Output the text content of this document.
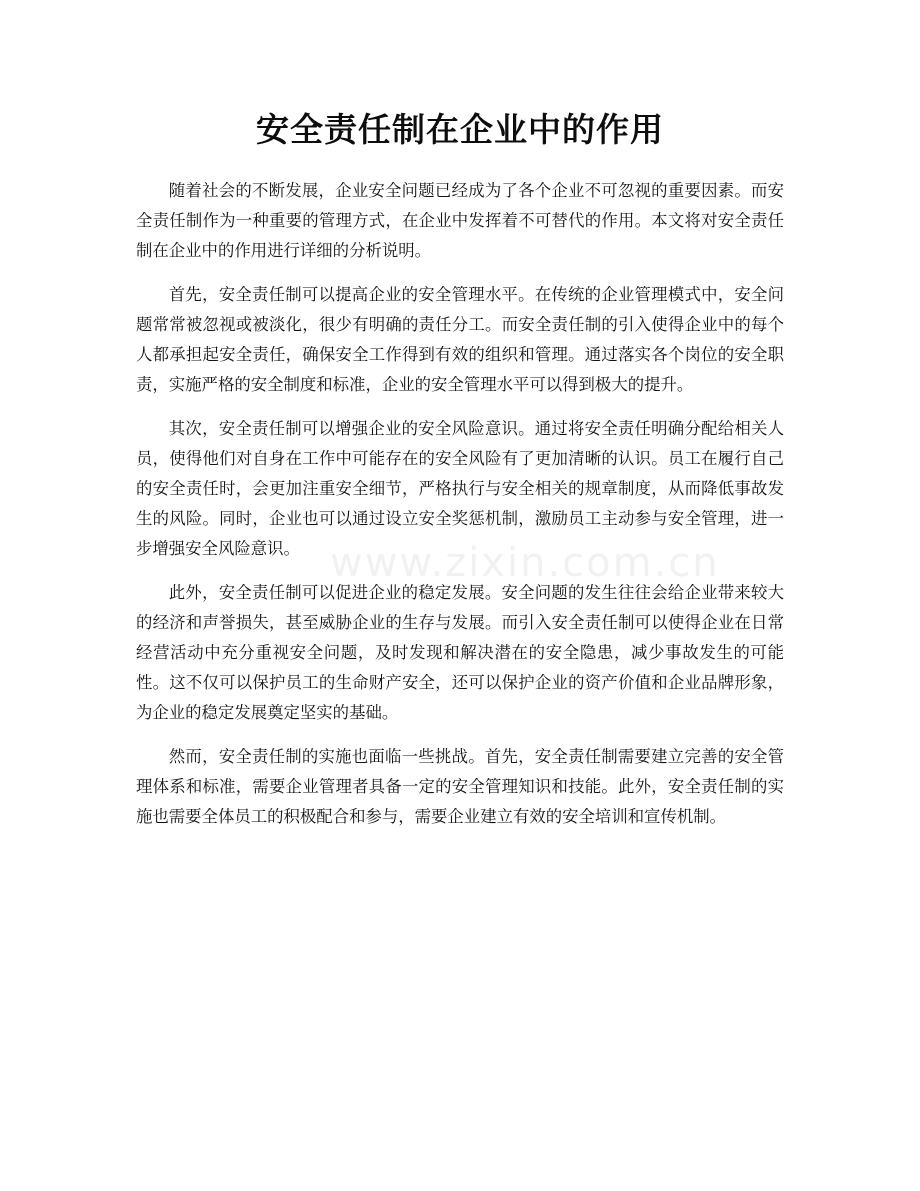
安全责任制在企业中的作用

随着社会的不断发展，企业安全问题已经成为了各个企业不可忽视的重要因素。而安全责任制作为一种重要的管理方式，在企业中发挥着不可替代的作用。本文将对安全责任制在企业中的作用进行详细的分析说明。

首先，安全责任制可以提高企业的安全管理水平。在传统的企业管理模式中，安全问题常常被忽视或被淡化，很少有明确的责任分工。而安全责任制的引入使得企业中的每个人都承担起安全责任，确保安全工作得到有效的组织和管理。通过落实各个岗位的安全职责，实施严格的安全制度和标准，企业的安全管理水平可以得到极大的提升。

其次，安全责任制可以增强企业的安全风险意识。通过将安全责任明确分配给相关人员，使得他们对自身在工作中可能存在的安全风险有了更加清晰的认识。员工在履行自己的安全责任时，会更加注重安全细节，严格执行与安全相关的规章制度，从而降低事故发生的风险。同时，企业也可以通过设立安全奖惩机制，激励员工主动参与安全管理，进一步增强安全风险意识。

此外，安全责任制可以促进企业的稳定发展。安全问题的发生往往会给企业带来较大的经济和声誉损失，甚至威胁企业的生存与发展。而引入安全责任制可以使得企业在日常经营活动中充分重视安全问题，及时发现和解决潜在的安全隐患，减少事故发生的可能性。这不仅可以保护员工的生命财产安全，还可以保护企业的资产价值和企业品牌形象，为企业的稳定发展奠定坚实的基础。

然而，安全责任制的实施也面临一些挑战。首先，安全责任制需要建立完善的安全管理体系和标准，需要企业管理者具备一定的安全管理知识和技能。此外，安全责任制的实施也需要全体员工的积极配合和参与，需要企业建立有效的安全培训和宣传机制。

www.zixin.com.cn
